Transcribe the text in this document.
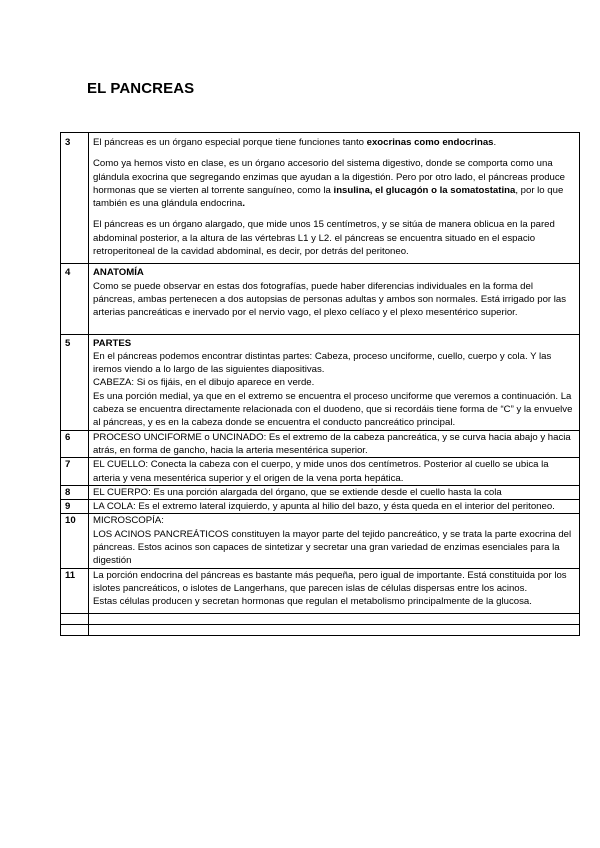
EL PANCREAS
3	El páncreas es un órgano especial porque tiene funciones tanto exocrinas como endocrinas.

Como ya hemos visto en clase, es un órgano accesorio del sistema digestivo, donde se comporta como una glándula exocrina que segregando enzimas que ayudan a la digestión. Pero por otro lado, el páncreas produce hormonas que se vierten al torrente sanguíneo, como la insulina, el glucagón o la somatostatina, por lo que también es una glándula endocrina.

El páncreas es un órgano alargado, que mide unos 15 centímetros, y se sitúa de manera oblicua en la pared abdominal posterior, a la altura de las vértebras L1 y L2. el páncreas se encuentra situado en el espacio retroperitoneal de la cavidad abdominal, es decir, por detrás del peritoneo.

4	ANATOMÍA

Como se puede observar en estas dos fotografías, puede haber diferencias individuales en la forma del páncreas, ambas pertenecen a dos autopsias de personas adultas y ambos son normales. Está irrigado por las arterias pancreáticas e inervado por el nervio vago, el plexo celíaco y el plexo mesentérico superior.

5	PARTES

En el páncreas podemos encontrar distintas partes: Cabeza, proceso unciforme, cuello, cuerpo y cola. Y las iremos viendo a lo largo de las siguientes diapositivas.

CABEZA: Si os fijáis, en el dibujo aparece en verde.

Es una porción medial, ya que en el extremo se encuentra el proceso unciforme que veremos a continuación. La cabeza se encuentra directamente relacionada con el duodeno, que si recordáis tiene forma de “C” y la envuelve al páncreas, y es en la cabeza donde se encuentra el conducto pancreático principal.

6	PROCESO UNCIFORME o UNCINADO: Es el extremo de la cabeza pancreática, y se curva hacia abajo y hacia atrás, en forma de gancho, hacia la arteria mesentérica superior.
7	EL CUELLO: Conecta la cabeza con el cuerpo, y mide unos dos centímetros. Posterior al cuello se ubica la arteria y vena mesentérica superior y el origen de la vena porta hepática.
8	EL CUERPO: Es una porción alargada del órgano, que se extiende desde el cuello hasta la cola
9	LA COLA: Es el extremo lateral izquierdo, y apunta al hilio del bazo, y ésta queda en el interior del peritoneo.
10	MICROSCOPÍA:

LOS ACINOS PANCREÁTICOS constituyen la mayor parte del tejido pancreático, y se trata la parte exocrina del páncreas. Estos acinos son capaces de sintetizar y secretar una gran variedad de enzimas esenciales para la digestión

11	La porción endocrina del páncreas es bastante más pequeña, pero igual de importante. Está constituida por los islotes pancreáticos, o islotes de Langerhans, que parecen islas de células dispersas entre los acinos.

Estas células producen y secretan hormonas que regulan el metabolismo principalmente de la glucosa.
